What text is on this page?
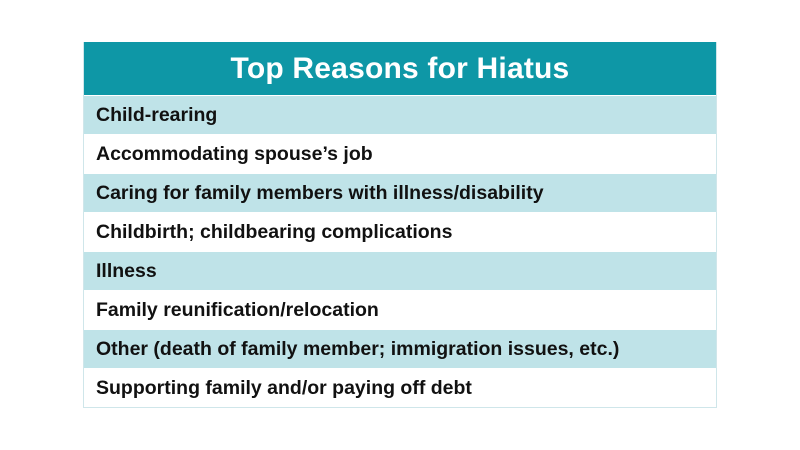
Top Reasons for Hiatus
Child-rearing
Accommodating spouse’s job
Caring for family members with illness/disability
Childbirth; childbearing complications
Illness
Family reunification/relocation
Other (death of family member; immigration issues, etc.)
Supporting family and/or paying off debt
